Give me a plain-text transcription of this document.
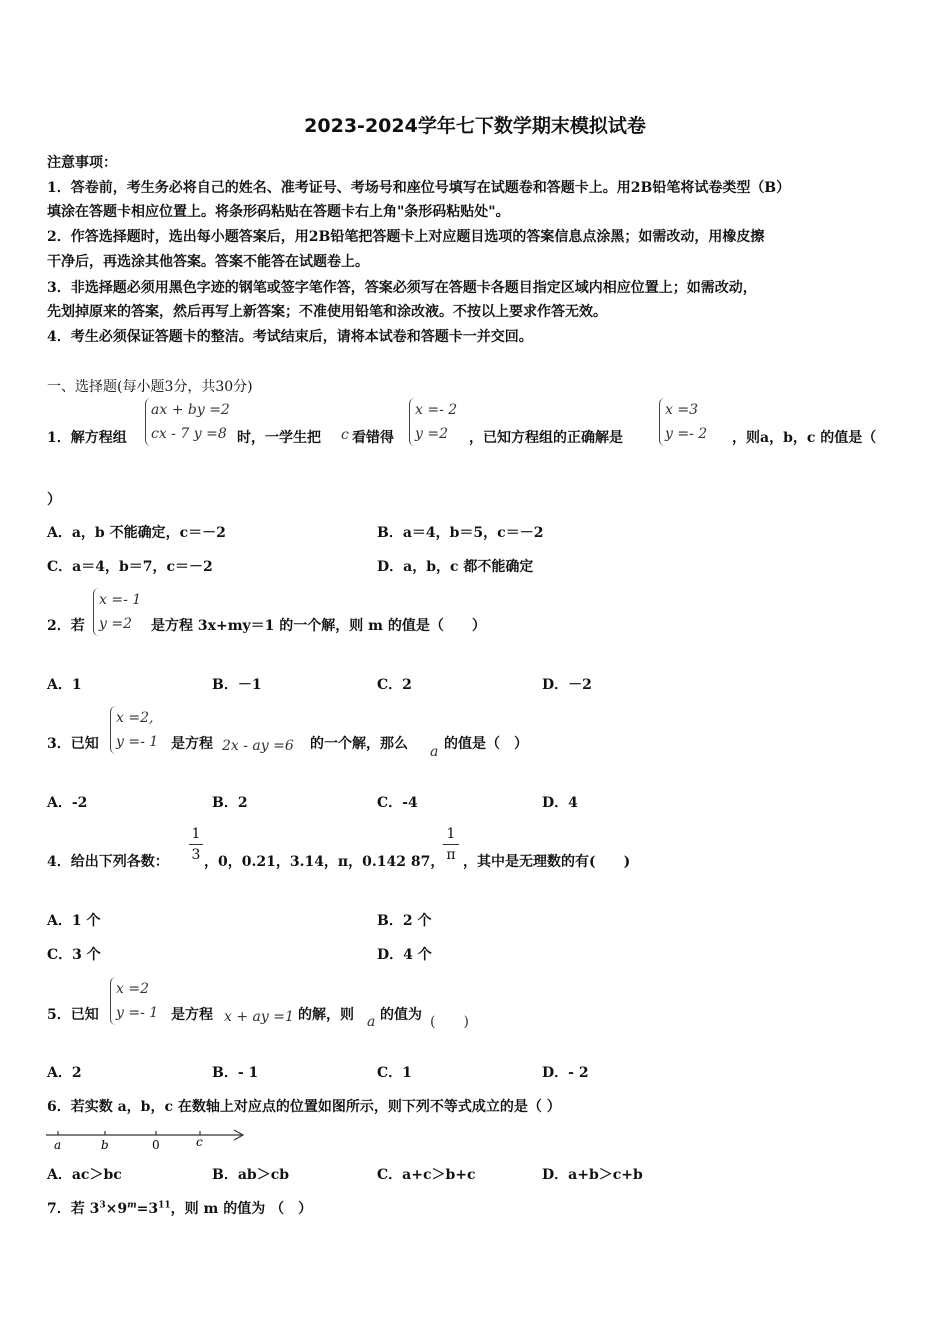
2023-2024学年七下数学期末模拟试卷
注意事项：
1．答卷前，考生务必将自己的姓名、准考证号、考场号和座位号填写在试题卷和答题卡上。用2B铅笔将试卷类型（B）
填涂在答题卡相应位置上。将条形码粘贴在答题卡右上角"条形码粘贴处"。
2．作答选择题时，选出每小题答案后，用2B铅笔把答题卡上对应题目选项的答案信息点涂黑；如需改动，用橡皮擦
干净后，再选涂其他答案。答案不能答在试题卷上。
3．非选择题必须用黑色字迹的钢笔或签字笔作答，答案必须写在答题卡各题目指定区域内相应位置上；如需改动，
先划掉原来的答案，然后再写上新答案；不准使用铅笔和涂改液。不按以上要求作答无效。
4．考生必须保证答题卡的整洁。考试结束后，请将本试卷和答题卡一并交回。
一、选择题(每小题3分，共30分)
1．解方程组
ax + by =2
cx - 7 y =8 时，一学生把 c 看错得
x =- 2
y =2	，已知方程组的正确解是
x =3
y =- 2 ，则a，b，c 的值是（
）
A．a，b 不能确定，c＝－2	B．a＝4，b＝5，c＝－2
C．a＝4，b＝7，c＝－2	D．a，b，c 都不能确定
2．若
x =- 1
y =2	是方程 3x+my＝1 的一个解，则 m 的值是（　　）
A．1	B．－1	C．2	D．－2
3．已知
x =2,
y =- 1 是方程 2x - ay =6 的一个解，那么 a 的值是（　）
A．-2	B．2	C．-4	D．4
4．给出下列各数：
1
3 ，0，0.21，3.14，π，0.142 87，
1
π ，其中是无理数的有(　　)
A．1 个	B．2 个
C．3 个	D．4 个
5．已知
x =2
y =- 1 是方程 x + ay =1 的解，则 a 的值为 (　　)
A．2	B．- 1	C．1	D．- 2
6．若实数 a，b，c 在数轴上对应点的位置如图所示，则下列不等式成立的是（ ）
a	b	0	c
A．ac＞bc	B．ab＞cb	C．a+c＞b+c	D．a+b＞c+b
7．若 $3^3\times 9^m=3^{11}$，则 m 的值为 （　）
